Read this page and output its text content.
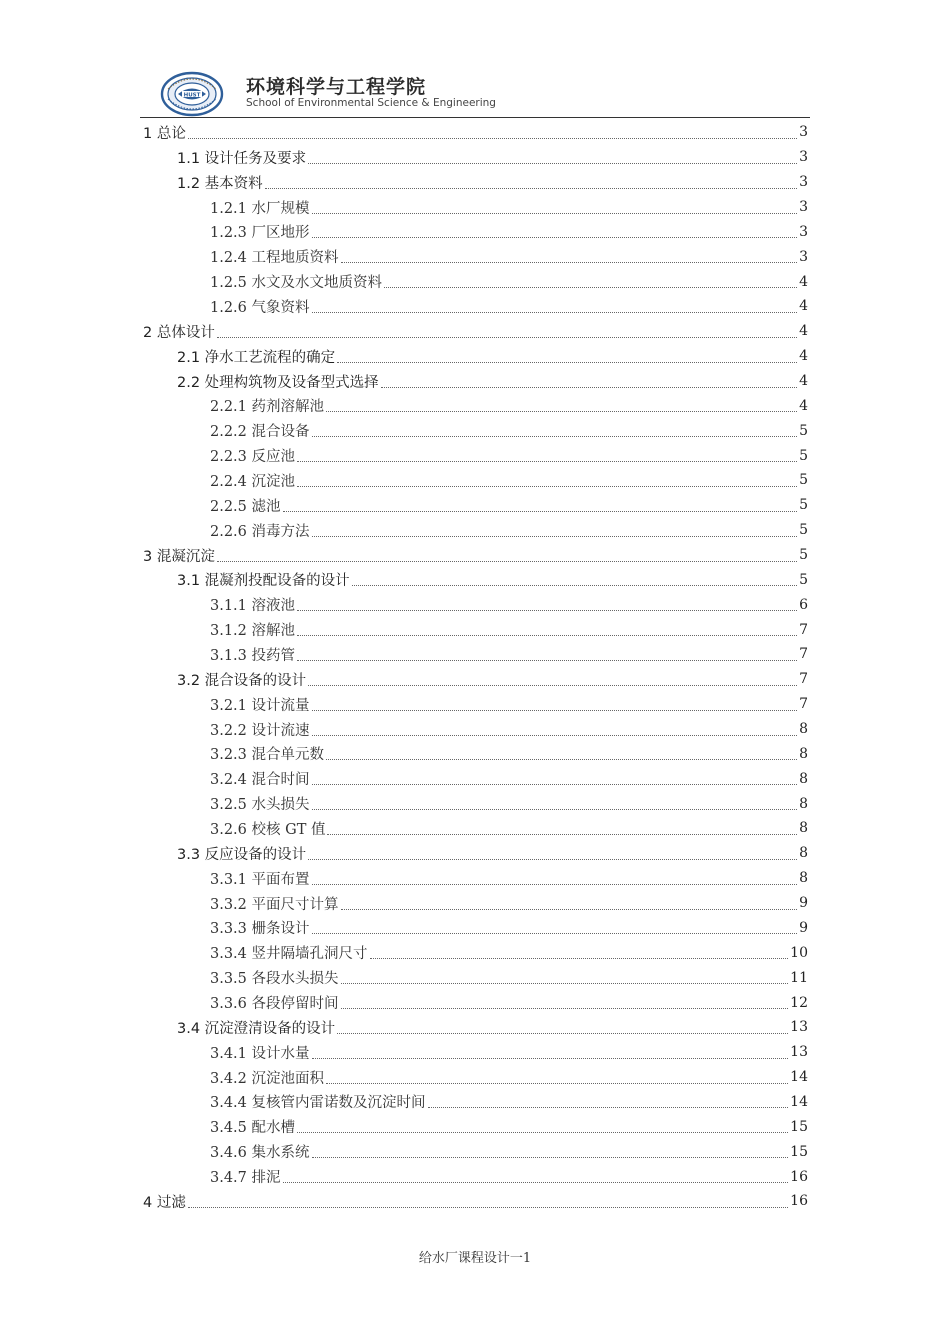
HUST 环境科学与工程学院
School of Environmental Science & Engineering
1 总论	3
1.1 设计任务及要求	3
1.2 基本资料	3
1.2.1 水厂规模	3
1.2.3 厂区地形	3
1.2.4 工程地质资料	3
1.2.5 水文及水文地质资料	4
1.2.6 气象资料	4
2 总体设计	4
2.1 净水工艺流程的确定	4
2.2 处理构筑物及设备型式选择	4
2.2.1 药剂溶解池	4
2.2.2 混合设备	5
2.2.3 反应池	5
2.2.4 沉淀池	5
2.2.5 滤池	5
2.2.6 消毒方法	5
3 混凝沉淀	5
3.1 混凝剂投配设备的设计	5
3.1.1 溶液池	6
3.1.2 溶解池	7
3.1.3 投药管	7
3.2 混合设备的设计	7
3.2.1 设计流量	7
3.2.2 设计流速	8
3.2.3 混合单元数	8
3.2.4 混合时间	8
3.2.5 水头损失	8
3.2.6 校核 GT 值	8
3.3 反应设备的设计	8
3.3.1 平面布置	8
3.3.2 平面尺寸计算	9
3.3.3 栅条设计	9
3.3.4 竖井隔墙孔洞尺寸	10
3.3.5 各段水头损失	11
3.3.6 各段停留时间	12
3.4 沉淀澄清设备的设计	13
3.4.1 设计水量	13
3.4.2 沉淀池面积	14
3.4.4 复核管内雷诺数及沉淀时间	14
3.4.5 配水槽	15
3.4.6 集水系统	15
3.4.7 排泥	16
4 过滤	16
给水厂课程设计一1
